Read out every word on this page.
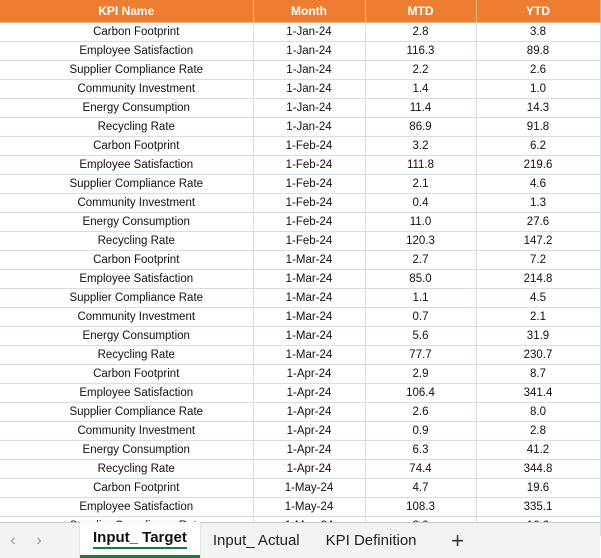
KPI Name	Month	MTD	YTD
Carbon Footprint	1-Jan-24	2.8	3.8
Employee Satisfaction	1-Jan-24	116.3	89.8
Supplier Compliance Rate	1-Jan-24	2.2	2.6
Community Investment	1-Jan-24	1.4	1.0
Energy Consumption	1-Jan-24	11.4	14.3
Recycling Rate	1-Jan-24	86.9	91.8
Carbon Footprint	1-Feb-24	3.2	6.2
Employee Satisfaction	1-Feb-24	111.8	219.6
Supplier Compliance Rate	1-Feb-24	2.1	4.6
Community Investment	1-Feb-24	0.4	1.3
Energy Consumption	1-Feb-24	11.0	27.6
Recycling Rate	1-Feb-24	120.3	147.2
Carbon Footprint	1-Mar-24	2.7	7.2
Employee Satisfaction	1-Mar-24	85.0	214.8
Supplier Compliance Rate	1-Mar-24	1.1	4.5
Community Investment	1-Mar-24	0.7	2.1
Energy Consumption	1-Mar-24	5.6	31.9
Recycling Rate	1-Mar-24	77.7	230.7
Carbon Footprint	1-Apr-24	2.9	8.7
Employee Satisfaction	1-Apr-24	106.4	341.4
Supplier Compliance Rate	1-Apr-24	2.6	8.0
Community Investment	1-Apr-24	0.9	2.8
Energy Consumption	1-Apr-24	6.3	41.2
Recycling Rate	1-Apr-24	74.4	344.8
Carbon Footprint	1-May-24	4.7	19.6
Employee Satisfaction	1-May-24	108.3	335.1

‹	›	Input_ Target Input_ Actual KPI Definition	+
